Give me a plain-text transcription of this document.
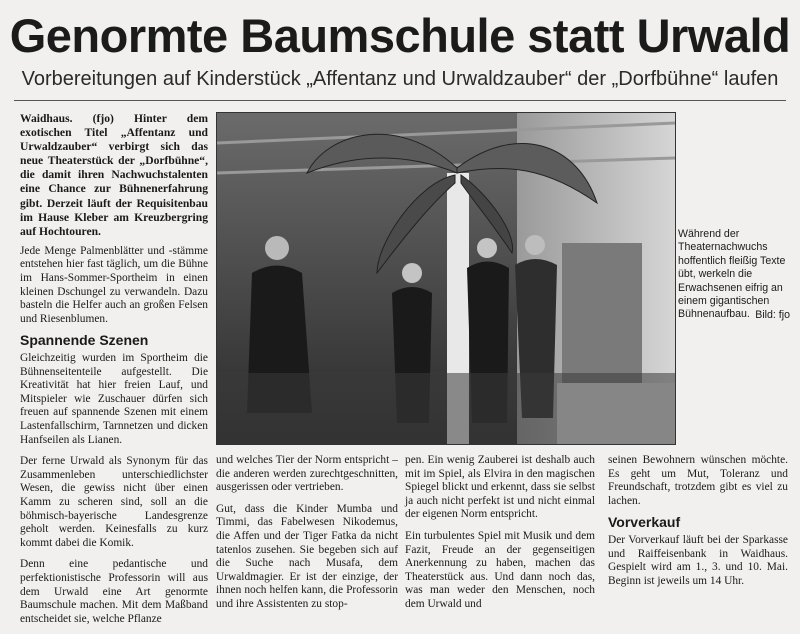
Genormte Baumschule statt Urwald
Vorbereitungen auf Kinderstück „Affentanz und Urwaldzauber“ der „Dorfbühne“ laufen

Waidhaus. (fjo) Hinter dem exotischen Titel „Affentanz und Urwaldzauber“ verbirgt sich das neue Theaterstück der „Dorfbühne“, die damit ihren Nachwuchstalenten eine Chance zur Bühnenerfahrung gibt. Derzeit läuft der Requisitenbau im Hause Kleber am Kreuzbergring auf Hochtouren.

Jede Menge Palmenblätter und -stämme entstehen hier fast täglich, um die Bühne im Hans-Sommer-Sportheim in einen kleinen Dschungel zu verwandeln. Dazu basteln die Helfer auch an großen Felsen und Riesenblumen.

Spannende Szenen

Gleichzeitig wurden im Sportheim die Bühnenseitenteile aufgestellt. Die Kreativität hat hier freien Lauf, und Mitspieler wie Zuschauer dürfen sich freuen auf spannende Szenen mit einem Lastenfallschirm, Tarnnetzen und dicken Hanfseilen als Lianen.

Der ferne Urwald als Synonym für das Zusammenleben unterschiedlichster Wesen, die gewiss nicht über einen Kamm zu scheren sind, soll an die böhmisch-bayerische Landesgrenze geholt werden. Keinesfalls zu kurz kommt dabei die Komik.

Denn eine pedantische und perfektionistische Professorin will aus dem Urwald eine Art genormte Baumschule machen. Mit dem Maßband entscheidet sie, welche Pflanze

Während der Theaternachwuchs hoffentlich fleißig Texte übt, werkeln die Erwachsenen eifrig an einem gigantischen Bühnenaufbau. Bild: fjo

und welches Tier der Norm entspricht – die anderen werden zurechtgeschnitten, ausgerissen oder vertrieben.

Gut, dass die Kinder Mumba und Timmi, das Fabelwesen Nikodemus, die Affen und der Tiger Fatka da nicht tatenlos zusehen. Sie begeben sich auf die Suche nach Musafa, dem Urwaldmagier. Er ist der einzige, der ihnen noch helfen kann, die Professorin und ihre Assistenten zu stop-

pen. Ein wenig Zauberei ist deshalb auch mit im Spiel, als Elvira in den magischen Spiegel blickt und erkennt, dass sie selbst ja auch nicht perfekt ist und nicht einmal der eigenen Norm entspricht.

Ein turbulentes Spiel mit Musik und dem Fazit, Freude an der gegenseitigen Anerkennung zu haben, machen das Theaterstück aus. Und dann noch das, was man weder den Menschen, noch dem Urwald und

seinen Bewohnern wünschen möchte. Es geht um Mut, Toleranz und Freundschaft, trotzdem gibt es viel zu lachen.

Vorverkauf

Der Vorverkauf läuft bei der Sparkasse und Raiffeisenbank in Waidhaus. Gespielt wird am 1., 3. und 10. Mai. Beginn ist jeweils um 14 Uhr.
